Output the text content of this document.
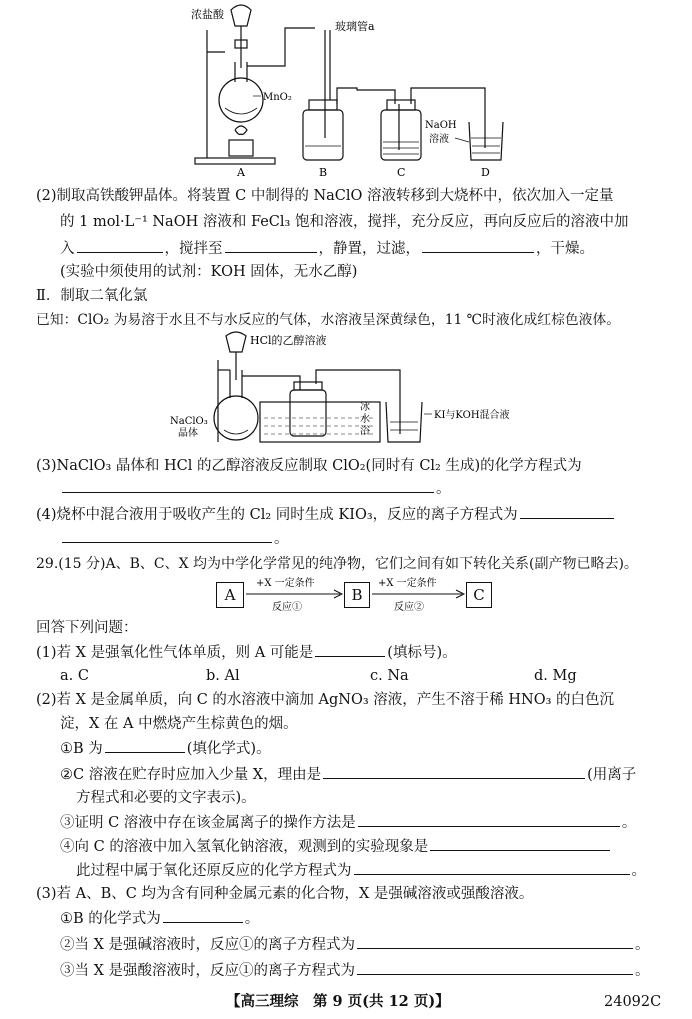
浓盐酸
玻璃管a
MnO₂
NaOH
溶液
A	B	C	D
(2)制取高铁酸钾晶体。将装置 C 中制得的 NaClO 溶液转移到大烧杯中，依次加入一定量
的 1 mol·L⁻¹ NaOH 溶液和 FeCl₃ 饱和溶液，搅拌，充分反应，再向反应后的溶液中加
入	，搅拌至	，静置，过滤，	，干燥。
(实验中须使用的试剂：KOH 固体，无水乙醇)
Ⅱ．制取二氧化氯
已知：ClO₂ 为易溶于水且不与水反应的气体，水溶液呈深黄绿色，11 ℃时液化成红棕色液体。
HCl的乙醇溶液
NaClO₃
晶体
冰
水
浴
KI与KOH混合液
(3)NaClO₃ 晶体和 HCl 的乙醇溶液反应制取 ClO₂(同时有 Cl₂ 生成)的化学方程式为
。
(4)烧杯中混合液用于吸收产生的 Cl₂ 同时生成 KIO₃，反应的离子方程式为
。
29.(15 分)A、B、C、X 均为中学化学常见的纯净物，它们之间有如下转化关系(副产物已略去)。
A	B	C
+X 一定条件
反应①
+X 一定条件
反应②
回答下列问题：
(1)若 X 是强氧化性气体单质，则 A 可能是	(填标号)。
a. C	b. Al	c. Na	d. Mg
(2)若 X 是金属单质，向 C 的水溶液中滴加 AgNO₃ 溶液，产生不溶于稀 HNO₃ 的白色沉
淀，X 在 A 中燃烧产生棕黄色的烟。
①B 为	(填化学式)。
②C 溶液在贮存时应加入少量 X，理由是	(用离子
方程式和必要的文字表示)。
③证明 C 溶液中存在该金属离子的操作方法是	。
④向 C 的溶液中加入氢氧化钠溶液，观测到的实验现象是
此过程中属于氧化还原反应的化学方程式为	。
(3)若 A、B、C 均为含有同种金属元素的化合物，X 是强碱溶液或强酸溶液。
①B 的化学式为	。
②当 X 是强碱溶液时，反应①的离子方程式为	。
③当 X 是强酸溶液时，反应①的离子方程式为	。
【高三理综　第 9 页(共 12 页)】	24092C
